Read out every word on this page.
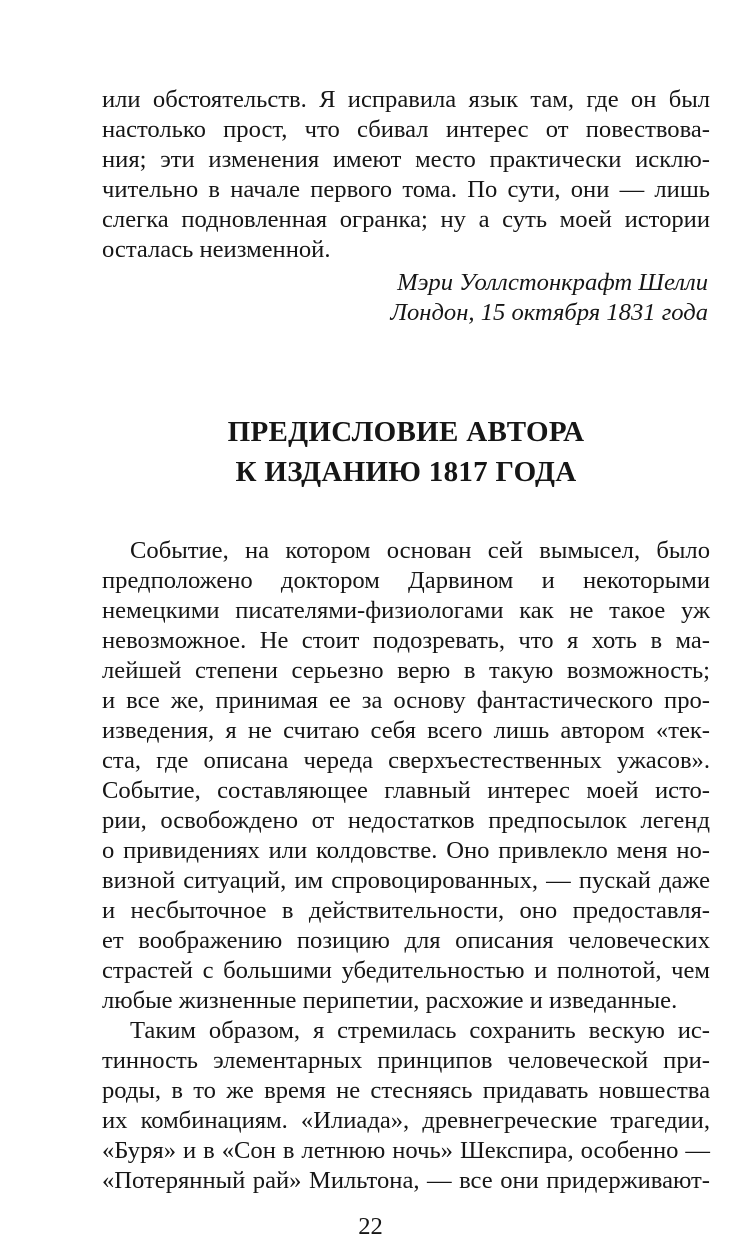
или обстоятельств. Я исправила язык там, где он был
настолько прост, что сбивал интерес от повествова-
ния; эти изменения имеют место практически исклю-
чительно в начале первого тома. По сути, они — лишь
слегка подновленная огранка; ну а суть моей истории
осталась неизменной.
Мэри Уоллстонкрафт Шелли
Лондон, 15 октября 1831 года
ПРЕДИСЛОВИЕ АВТОРА
К ИЗДАНИЮ 1817 ГОДА
Событие, на котором основан сей вымысел, было
предположено доктором Дарвином и некоторыми
немецкими писателями-физиологами как не такое уж
невозможное. Не стоит подозревать, что я хоть в ма-
лейшей степени серьезно верю в такую возможность;
и все же, принимая ее за основу фантастического про-
изведения, я не считаю себя всего лишь автором «тек-
ста, где описана череда сверхъестественных ужасов».
Событие, составляющее главный интерес моей исто-
рии, освобождено от недостатков предпосылок легенд
о привидениях или колдовстве. Оно привлекло меня но-
визной ситуаций, им спровоцированных, — пускай даже
и несбыточное в действительности, оно предоставля-
ет воображению позицию для описания человеческих
страстей с большими убедительностью и полнотой, чем
любые жизненные перипетии, расхожие и изведанные.
Таким образом, я стремилась сохранить вескую ис-
тинность элементарных принципов человеческой при-
роды, в то же время не стесняясь придавать новшества
их комбинациям. «Илиада», древнегреческие трагедии,
«Буря» и в «Сон в летнюю ночь» Шекспира, особенно —
«Потерянный рай» Мильтона, — все они придерживают-
22
